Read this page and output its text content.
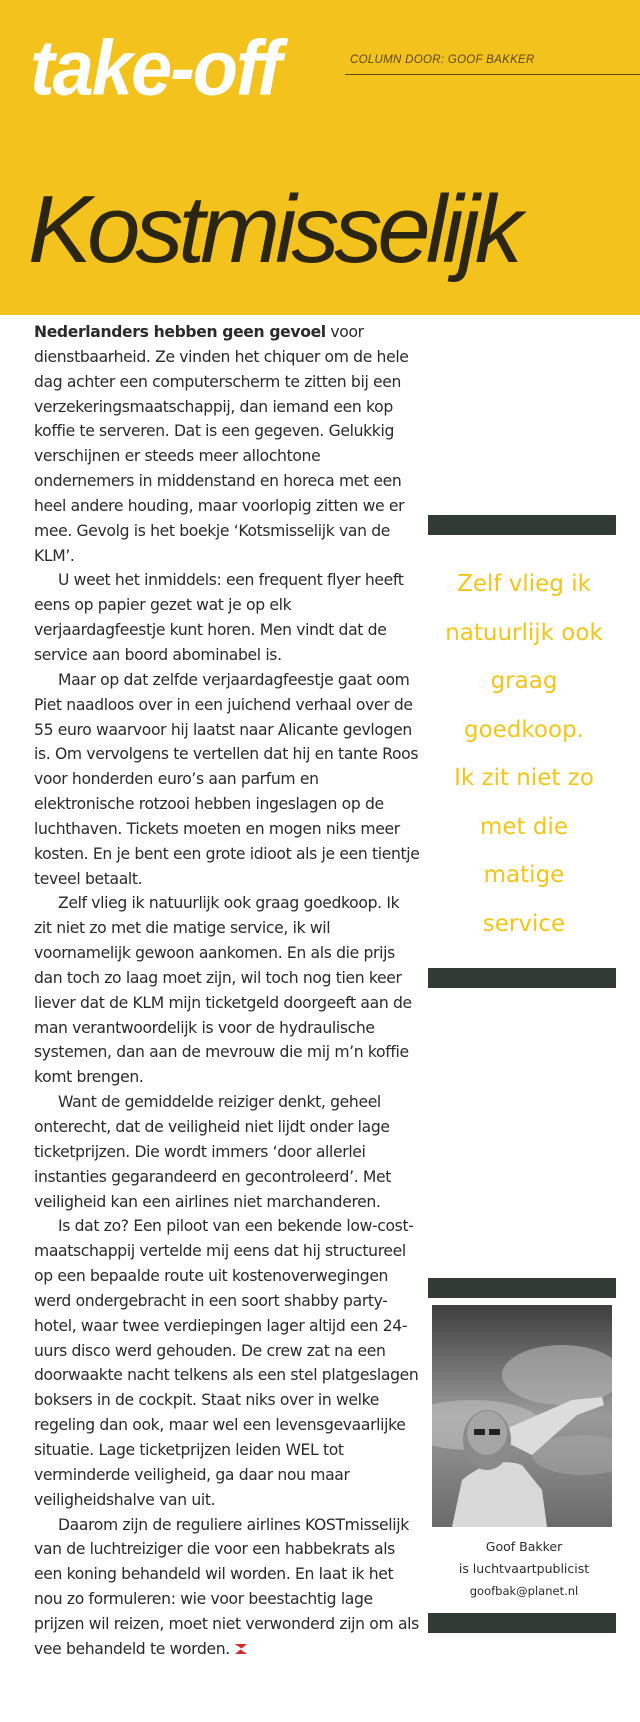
take-off	COLUMN DOOR: GOOF BAKKER
Kostmisselijk

Nederlanders hebben geen gevoel voor dienstbaarheid. Ze vinden het chiquer om de hele dag achter een computerscherm te zitten bij een verzekeringsmaatschappij, dan iemand een kop koffie te serveren. Dat is een gegeven. Gelukkig verschijnen er steeds meer allochtone ondernemers in middenstand en horeca met een heel andere houding, maar voorlopig zitten we er mee. Gevolg is het boekje ‘Kotsmisselijk van de KLM’.

U weet het inmiddels: een frequent flyer heeft eens op papier gezet wat je op elk verjaardagfeestje kunt horen. Men vindt dat de service aan boord abominabel is.

Maar op dat zelfde verjaardagfeestje gaat oom Piet naadloos over in een juichend verhaal over de 55 euro waarvoor hij laatst naar Alicante gevlogen is. Om vervolgens te vertellen dat hij en tante Roos voor honderden euro’s aan parfum en elektronische rotzooi hebben ingeslagen op de luchthaven. Tickets moeten en mogen niks meer kosten. En je bent een grote idioot als je een tientje teveel betaalt.

Zelf vlieg ik natuurlijk ook graag goedkoop. Ik zit niet zo met die matige service, ik wil voornamelijk gewoon aankomen. En als die prijs dan toch zo laag moet zijn, wil toch nog tien keer liever dat de KLM mijn ticketgeld doorgeeft aan de man verantwoordelijk is voor de hydraulische systemen, dan aan de mevrouw die mij m’n koffie komt brengen.

Want de gemiddelde reiziger denkt, geheel onterecht, dat de veiligheid niet lijdt onder lage ticketprijzen. Die wordt immers ‘door allerlei instanties gegarandeerd en gecontroleerd’. Met veiligheid kan een airlines niet marchanderen.

Is dat zo? Een piloot van een bekende low-cost-maatschappij vertelde mij eens dat hij structureel op een bepaalde route uit kostenoverwegingen werd ondergebracht in een soort shabby party-hotel, waar twee verdiepingen lager altijd een 24-uurs disco werd gehouden. De crew zat na een doorwaakte nacht telkens als een stel platgeslagen boksers in de cockpit. Staat niks over in welke regeling dan ook, maar wel een levensgevaarlijke situatie. Lage ticketprijzen leiden WEL tot verminderde veiligheid, ga daar nou maar veiligheidshalve van uit.

Daarom zijn de reguliere airlines KOSTmisselijk van de luchtreiziger die voor een habbekrats als een koning behandeld wil worden. En laat ik het nou zo formuleren: wie voor beestachtig lage prijzen wil reizen, moet niet verwonderd zijn om als vee behandeld te worden.

Zelf vlieg ik
natuurlijk ook
graag
goedkoop.
Ik zit niet zo
met die
matige
service
Goof Bakker
is luchtvaartpublicist
goofbak@planet.nl
